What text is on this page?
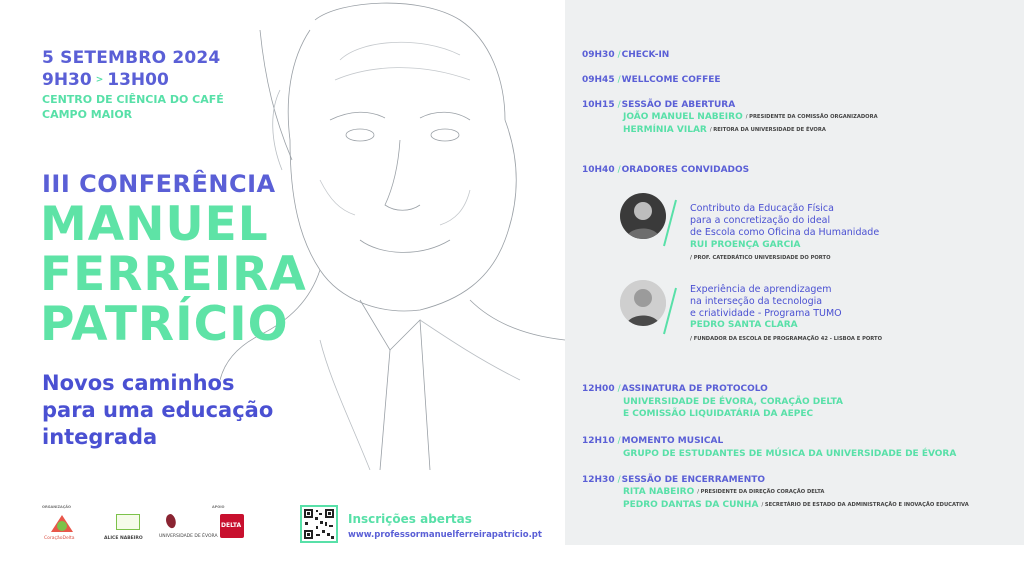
5 SETEMBRO 2024
9H30 > 13H00
CENTRO DE CIÊNCIA DO CAFÉ
CAMPO MAIOR
III CONFERÊNCIA
MANUEL
FERREIRA
PATRÍCIO
Novos caminhos
para uma educação
integrada
ORGANIZAÇÃO	APOIO
CoraçãoDelta	ALICE NABEIRO	UNIVERSIDADE DE ÉVORA
DELTA	Inscrições abertas
www.professormanuelferreirapatricio.pt
09H30 /CHECK-IN
09H45 /WELLCOME COFFEE
10H15 /SESSÃO DE ABERTURA
JOÃO MANUEL NABEIRO / PRESIDENTE DA COMISSÃO ORGANIZADORA
HERMÍNIA VILAR / REITORA DA UNIVERSIDADE DE ÉVORA
10H40 /ORADORES CONVIDADOS
Contributo da Educação Física
para a concretização do ideal
de Escola como Oficina da Humanidade
RUI PROENÇA GARCIA
/ PROF. CATEDRÁTICO UNIVERSIDADE DO PORTO
Experiência de aprendizagem
na interseção da tecnologia
e criatividade - Programa TUMO
PEDRO SANTA CLARA
/ FUNDADOR DA ESCOLA DE PROGRAMAÇÃO 42 - LISBOA E PORTO
12H00 /ASSINATURA DE PROTOCOLO
UNIVERSIDADE DE ÉVORA, CORAÇÃO DELTA
E COMISSÃO LIQUIDATÁRIA DA AEPEC
12H10 /MOMENTO MUSICAL
GRUPO DE ESTUDANTES DE MÚSICA DA UNIVERSIDADE DE ÉVORA
12H30 /SESSÃO DE ENCERRAMENTO
RITA NABEIRO / PRESIDENTE DA DIREÇÃO CORAÇÃO DELTA
PEDRO DANTAS DA CUNHA / SECRETÁRIO DE ESTADO DA ADMINISTRAÇÃO E INOVAÇÃO EDUCATIVA
